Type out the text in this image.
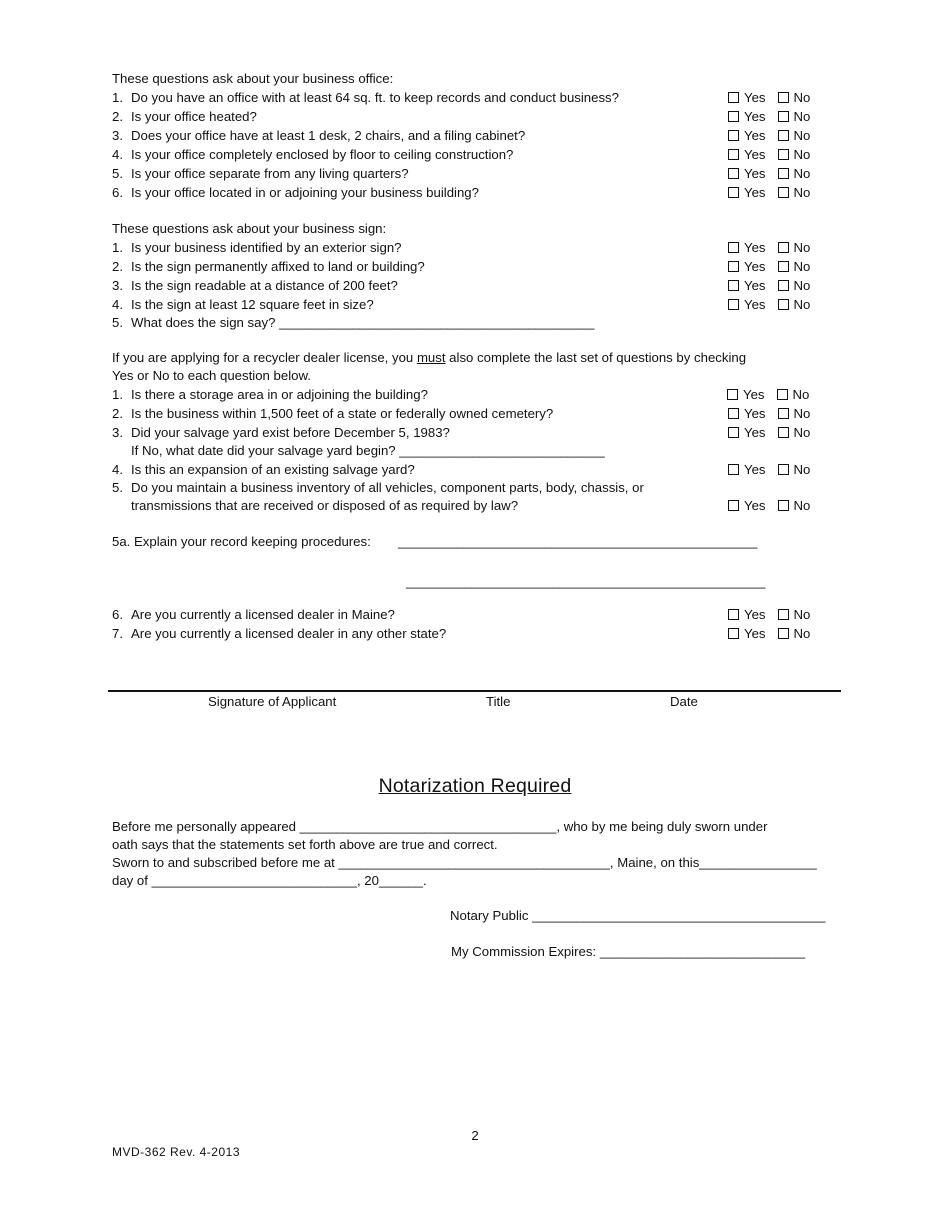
These questions ask about your business office:
1. Do you have an office with at least 64 sq. ft. to keep records and conduct business?	Yes No
2. Is your office heated?	Yes No
3. Does your office have at least 1 desk, 2 chairs, and a filing cabinet?	Yes No
4. Is your office completely enclosed by floor to ceiling construction?	Yes No
5. Is your office separate from any living quarters?	Yes No
6. Is your office located in or adjoining your business building?	Yes No
These questions ask about your business sign:
1. Is your business identified by an exterior sign?	Yes No
2. Is the sign permanently affixed to land or building?	Yes No
3. Is the sign readable at a distance of 200 feet?	Yes No
4. Is the sign at least 12 square feet in size?	Yes No
5. What does the sign say? ___________________________________________
If you are applying for a recycler dealer license, you must also complete the last set of questions by checking
Yes or No to each question below.
1. Is there a storage area in or adjoining the building?	Yes No
2. Is the business within 1,500 feet of a state or federally owned cemetery?	Yes No
3. Did your salvage yard exist before December 5, 1983?	Yes No
If No, what date did your salvage yard begin? ____________________________
4. Is this an expansion of an existing salvage yard?	Yes No
5. Do you maintain a business inventory of all vehicles, component parts, body, chassis, or
transmissions that are received or disposed of as required by law?	Yes No
5a. Explain your record keeping procedures: _________________________________________________
_________________________________________________
6. Are you currently a licensed dealer in Maine?	Yes No
7. Are you currently a licensed dealer in any other state?	Yes No
Signature of Applicant	Title	Date
Notarization Required
Before me personally appeared ___________________________________, who by me being duly sworn under
oath says that the statements set forth above are true and correct.
Sworn to and subscribed before me at _____________________________________, Maine, on this________________
day of ____________________________, 20______.
Notary Public ________________________________________
My Commission Expires: ____________________________
2
MVD-362 Rev. 4-2013
